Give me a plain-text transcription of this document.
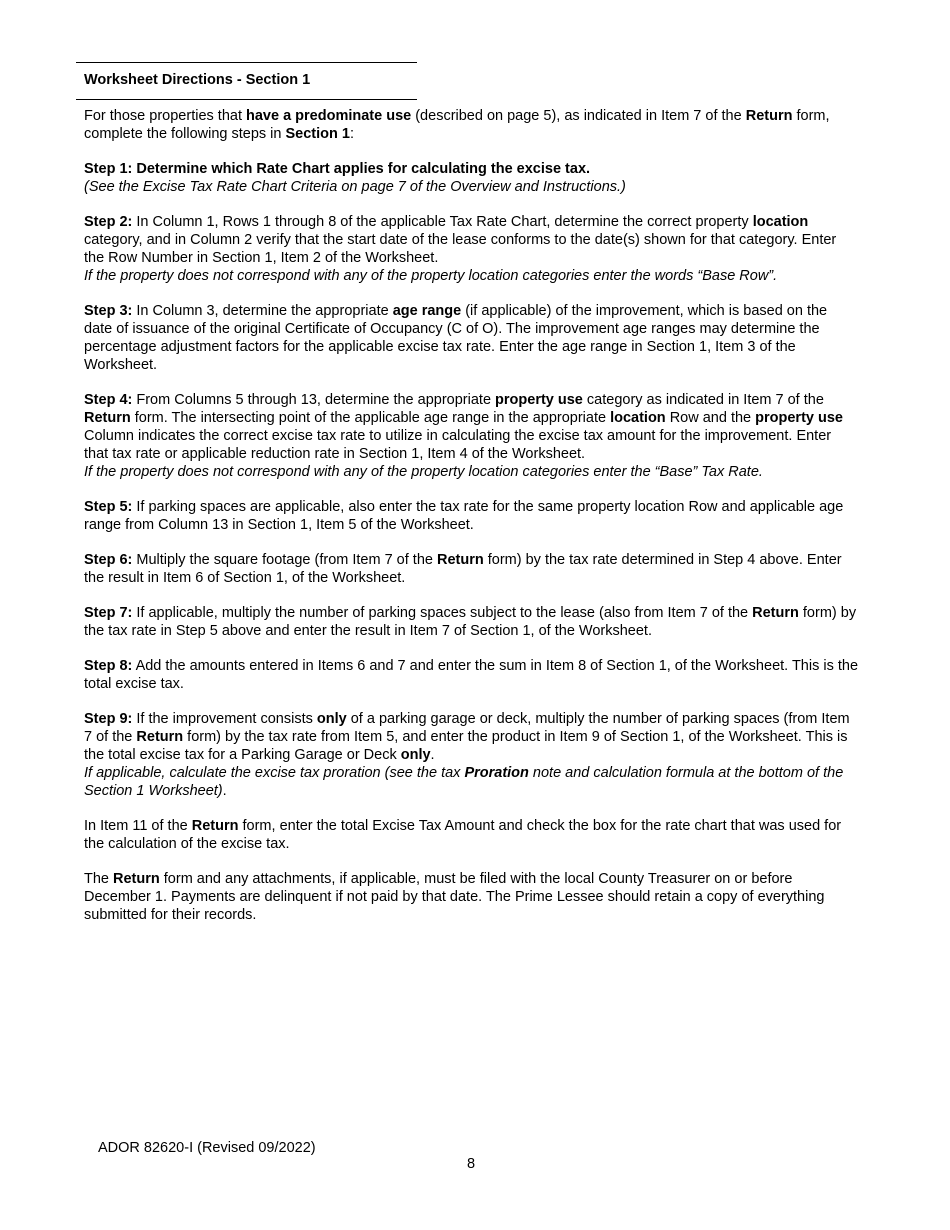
Worksheet Directions - Section 1

For those properties that have a predominate use (described on page 5), as indicated in Item 7 of the Return form, complete the following steps in Section 1:

Step 1: Determine which Rate Chart applies for calculating the excise tax.
(See the Excise Tax Rate Chart Criteria on page 7 of the Overview and Instructions.)

Step 2: In Column 1, Rows 1 through 8 of the applicable Tax Rate Chart, determine the correct property location category, and in Column 2 verify that the start date of the lease conforms to the date(s) shown for that category. Enter the Row Number in Section 1, Item 2 of the Worksheet.
If the property does not correspond with any of the property location categories enter the words “Base Row”.

Step 3: In Column 3, determine the appropriate age range (if applicable) of the improvement, which is based on the date of issuance of the original Certificate of Occupancy (C of O). The improvement age ranges may determine the percentage adjustment factors for the applicable excise tax rate. Enter the age range in Section 1, Item 3 of the Worksheet.

Step 4: From Columns 5 through 13, determine the appropriate property use category as indicated in Item 7 of the Return form. The intersecting point of the applicable age range in the appropriate location Row and the property use Column indicates the correct excise tax rate to utilize in calculating the excise tax amount for the improvement. Enter that tax rate or applicable reduction rate in Section 1, Item 4 of the Worksheet.
If the property does not correspond with any of the property location categories enter the “Base” Tax Rate.

Step 5: If parking spaces are applicable, also enter the tax rate for the same property location Row and applicable age range from Column 13 in Section 1, Item 5 of the Worksheet.

Step 6: Multiply the square footage (from Item 7 of the Return form) by the tax rate determined in Step 4 above. Enter the result in Item 6 of Section 1, of the Worksheet.

Step 7: If applicable, multiply the number of parking spaces subject to the lease (also from Item 7 of the Return form) by the tax rate in Step 5 above and enter the result in Item 7 of Section 1, of the Worksheet.

Step 8: Add the amounts entered in Items 6 and 7 and enter the sum in Item 8 of Section 1, of the Worksheet. This is the total excise tax.

Step 9: If the improvement consists only of a parking garage or deck, multiply the number of parking spaces (from Item 7 of the Return form) by the tax rate from Item 5, and enter the product in Item 9 of Section 1, of the Worksheet. This is the total excise tax for a Parking Garage or Deck only.
If applicable, calculate the excise tax proration (see the tax Proration note and calculation formula at the bottom of the Section 1 Worksheet).

In Item 11 of the Return form, enter the total Excise Tax Amount and check the box for the rate chart that was used for the calculation of the excise tax.

The Return form and any attachments, if applicable, must be filed with the local County Treasurer on or before December 1. Payments are delinquent if not paid by that date. The Prime Lessee should retain a copy of everything submitted for their records.

ADOR 82620-I (Revised 09/2022)
8
